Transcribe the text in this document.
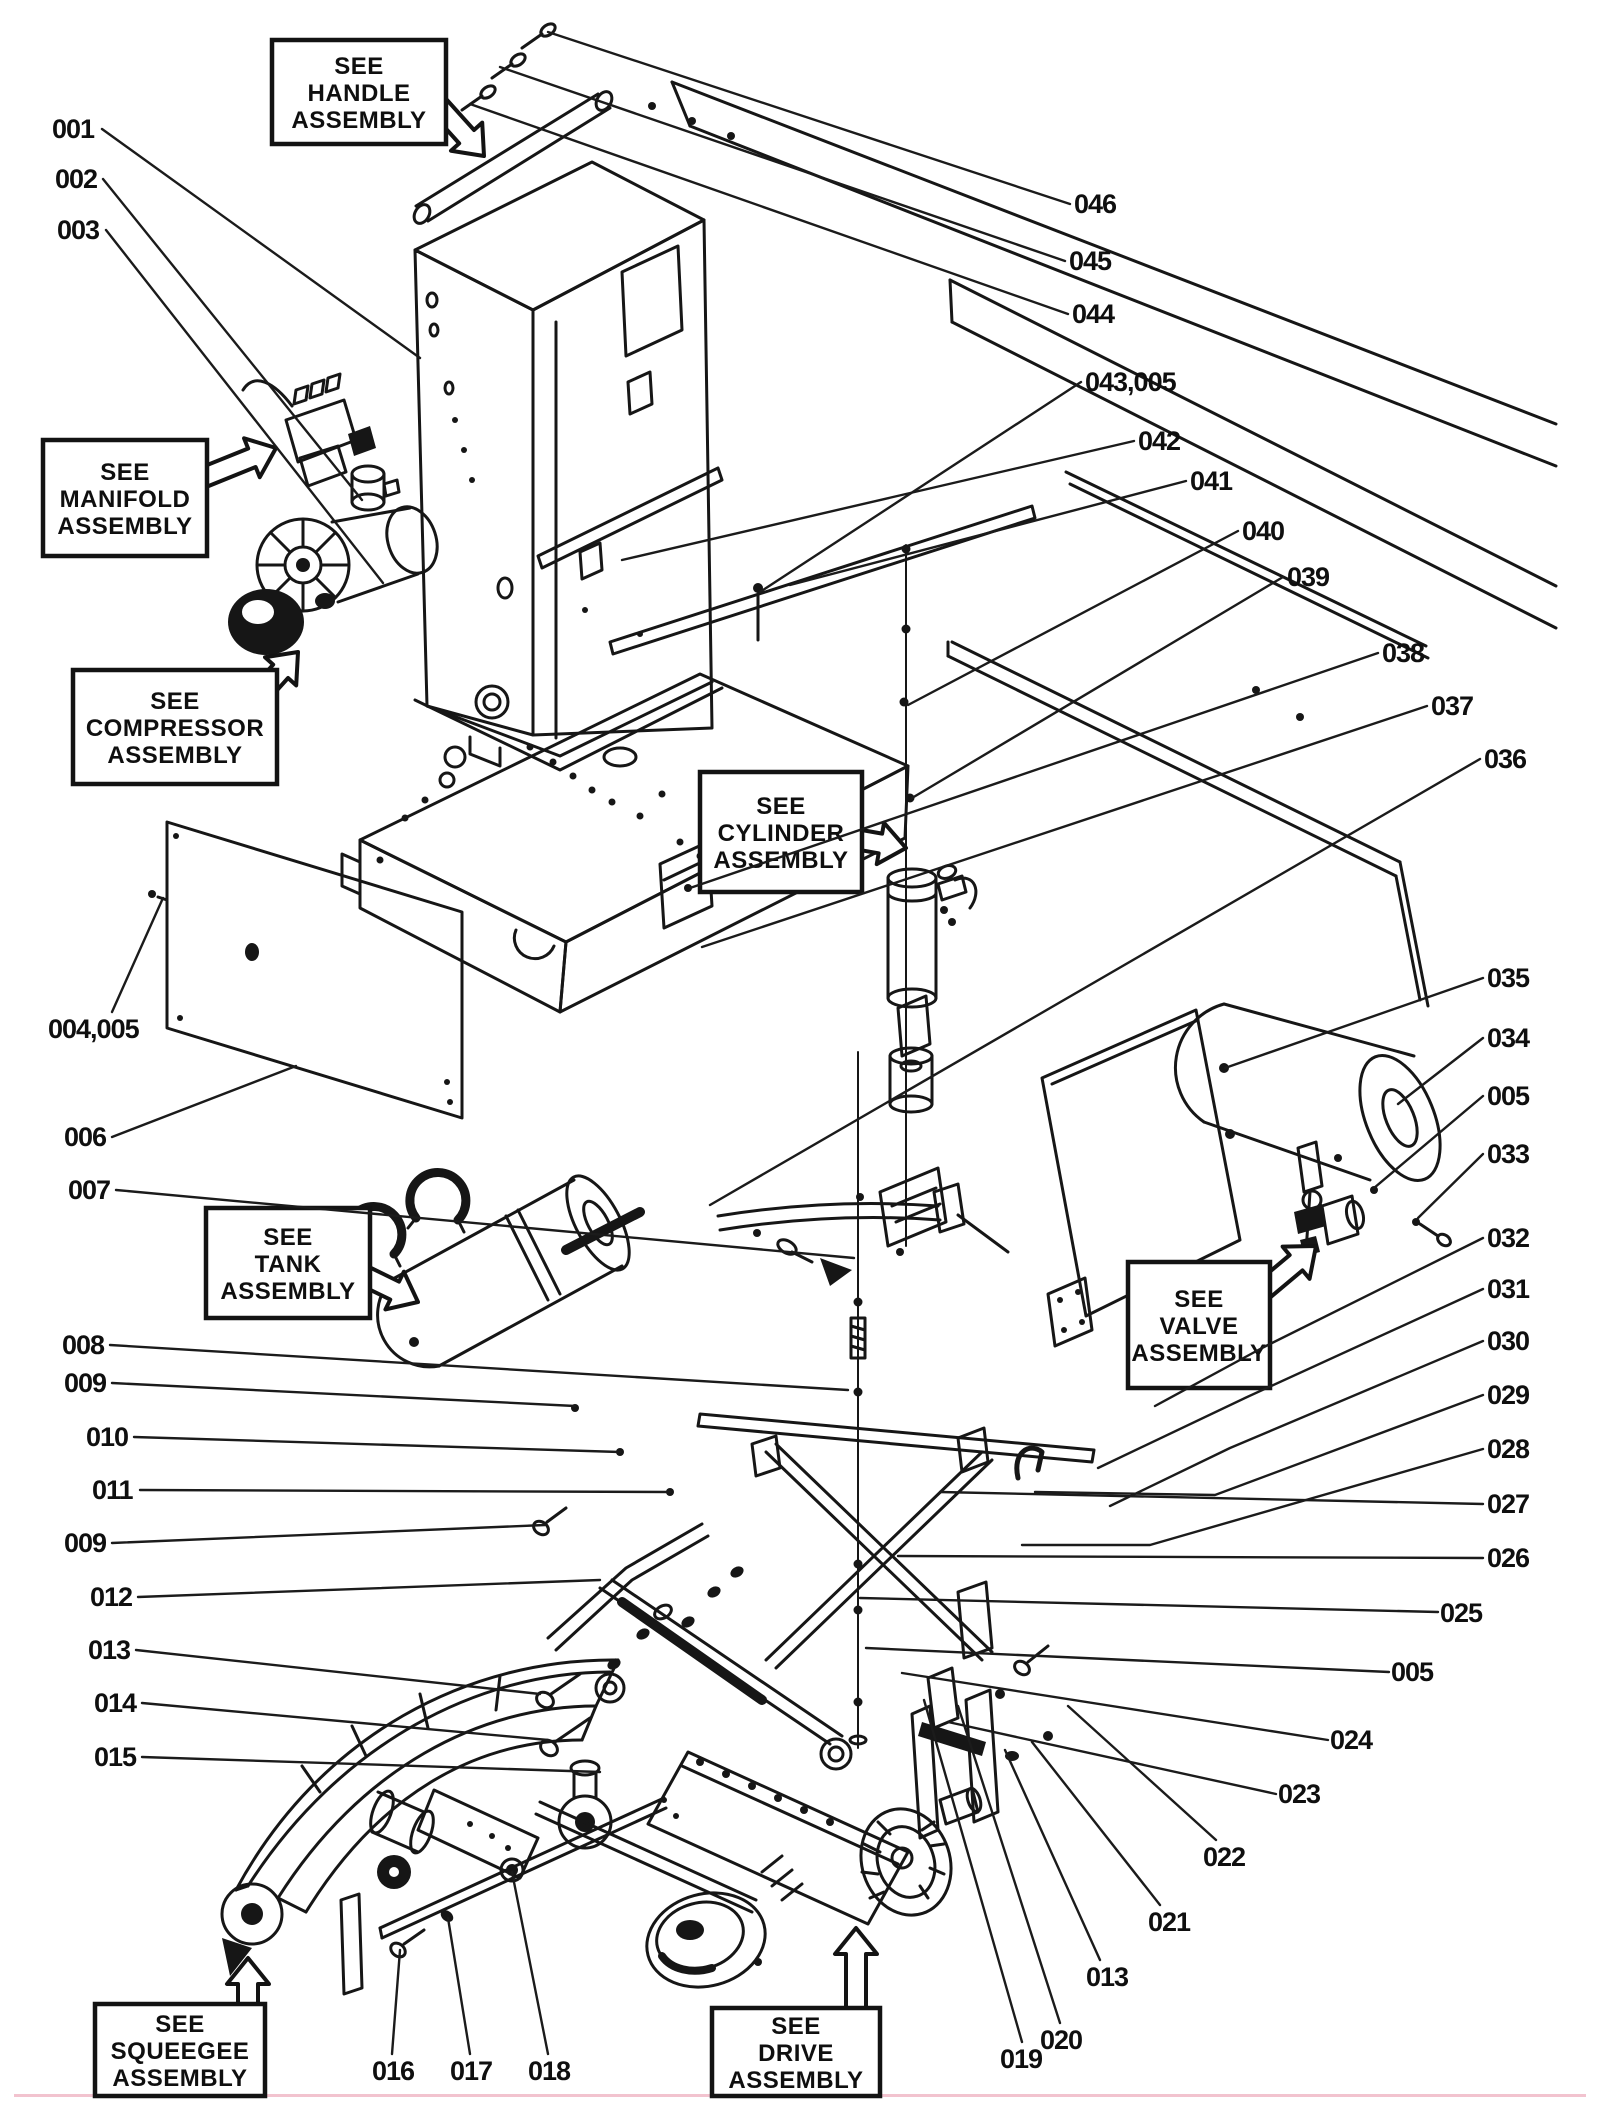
SEE
HANDLE
ASSEMBLY
SEE
MANIFOLD
ASSEMBLY
SEE
COMPRESSOR
ASSEMBLY
SEE
CYLINDER
ASSEMBLY
SEE
TANK
ASSEMBLY	SEE
VALVE
ASSEMBLY
SEE
SQUEEGEE
ASSEMBLY
SEE
DRIVE
ASSEMBLY
001
002
003
004,005
006
007
008
009
010
011
009
012
013
014
015
016 017 018	019
020
013
021
022
023
024
005
025
026
027
028
029
030
031
032
033
005
034
035
036
037
038
039
040
041
042
043,005
044
045
046
